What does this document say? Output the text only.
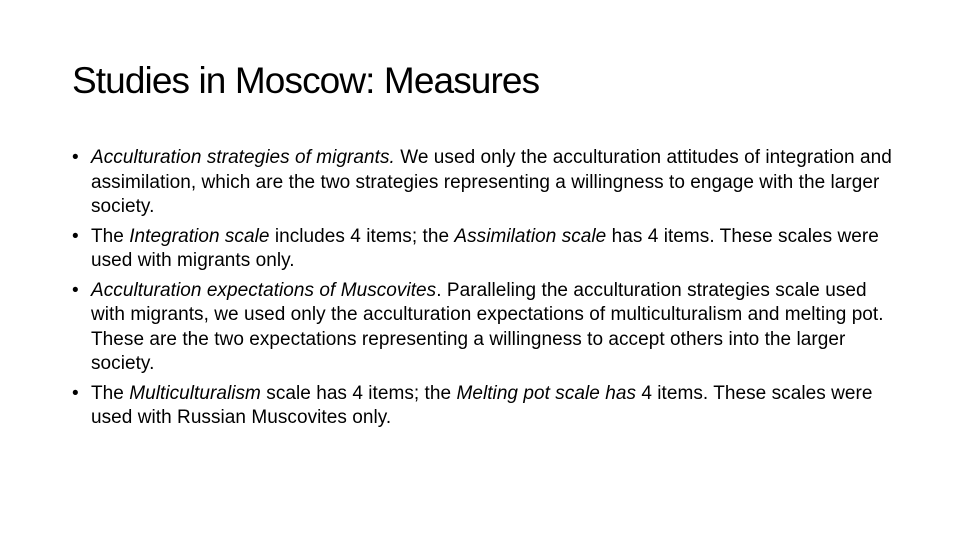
Studies in Moscow: Measures
• Acculturation strategies of migrants. We used only the acculturation attitudes of integration and assimilation, which are the two strategies representing a willingness to engage with the larger society.
• The Integration scale includes 4 items; the Assimilation scale has 4 items. These scales were used with migrants only.
• Acculturation expectations of Muscovites. Paralleling the acculturation strategies scale used with migrants, we used only the acculturation expectations of multiculturalism and melting pot. These are the two expectations representing a willingness to accept others into the larger society.
• The Multiculturalism scale has 4 items; the Melting pot scale has 4 items. These scales were used with Russian Muscovites only.
